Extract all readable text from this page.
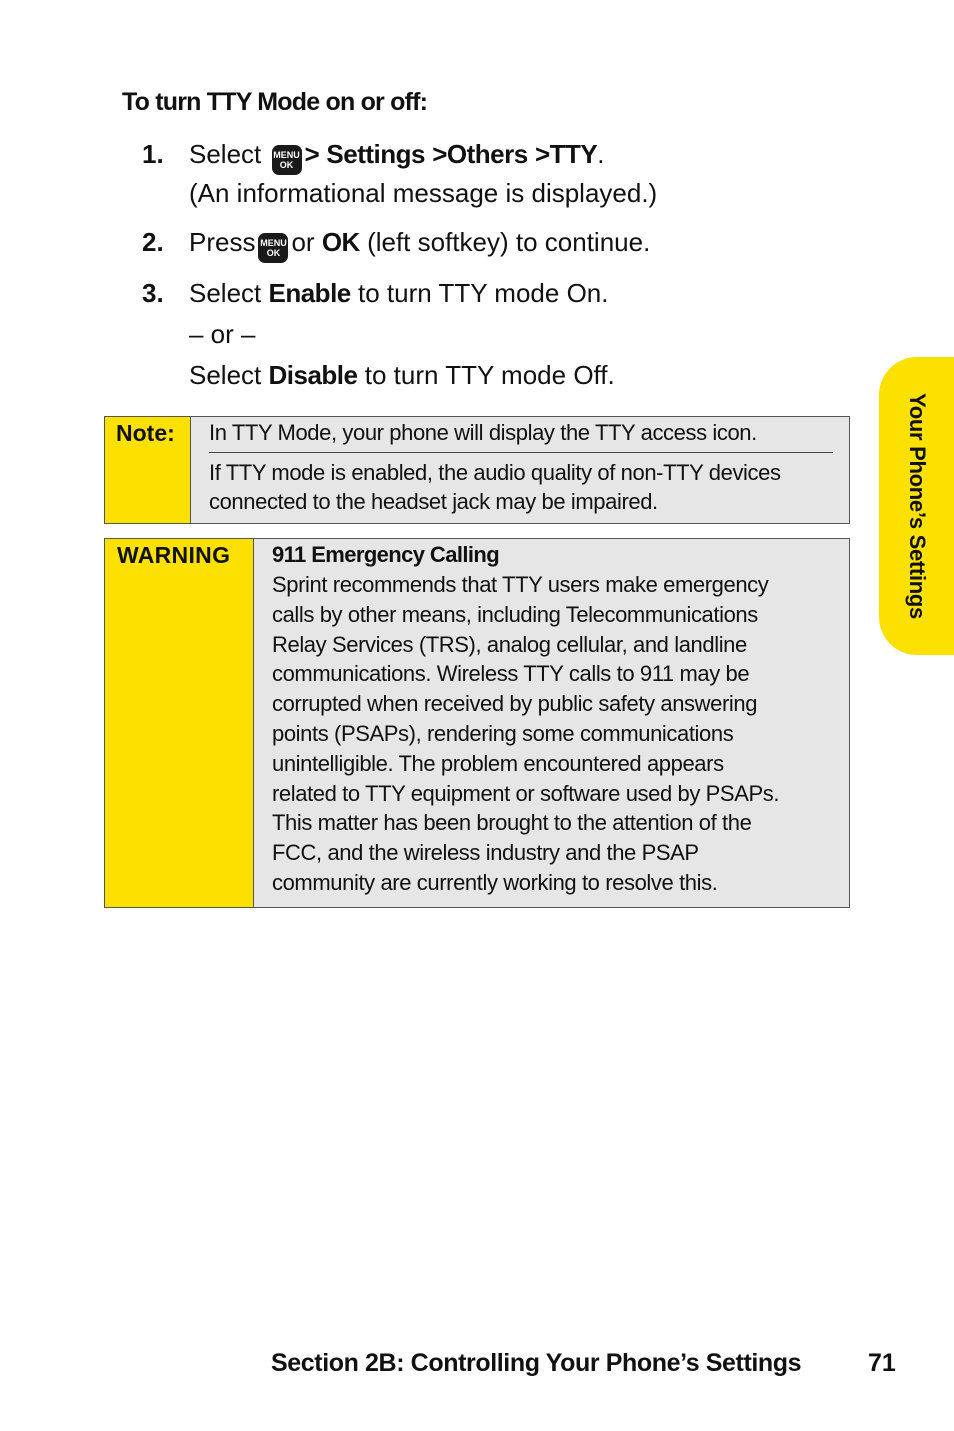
To turn TTY Mode on or off:
1. Select MENU
OK > Settings >Others >TTY.
(An informational message is displayed.)
2. Press MENU
OK or OK (left softkey) to continue.
3. Select Enable to turn TTY mode On.
– or –
Select Disable to turn TTY mode Off.
Note:	In TTY Mode, your phone will display the TTY access icon.
If TTY mode is enabled, the audio quality of non-TTY devices
connected to the headset jack may be impaired.
WARNING	911 Emergency Calling
Sprint recommends that TTY users make emergency
calls by other means, including Telecommunications
Relay Services (TRS), analog cellular, and landline
communications. Wireless TTY calls to 911 may be
corrupted when received by public safety answering
points (PSAPs), rendering some communications
unintelligible. The problem encountered appears
related to TTY equipment or software used by PSAPs.
This matter has been brought to the attention of the
FCC, and the wireless industry and the PSAP
community are currently working to resolve this.
Your Phone’s Settings
Section 2B: Controlling Your Phone’s Settings	71
